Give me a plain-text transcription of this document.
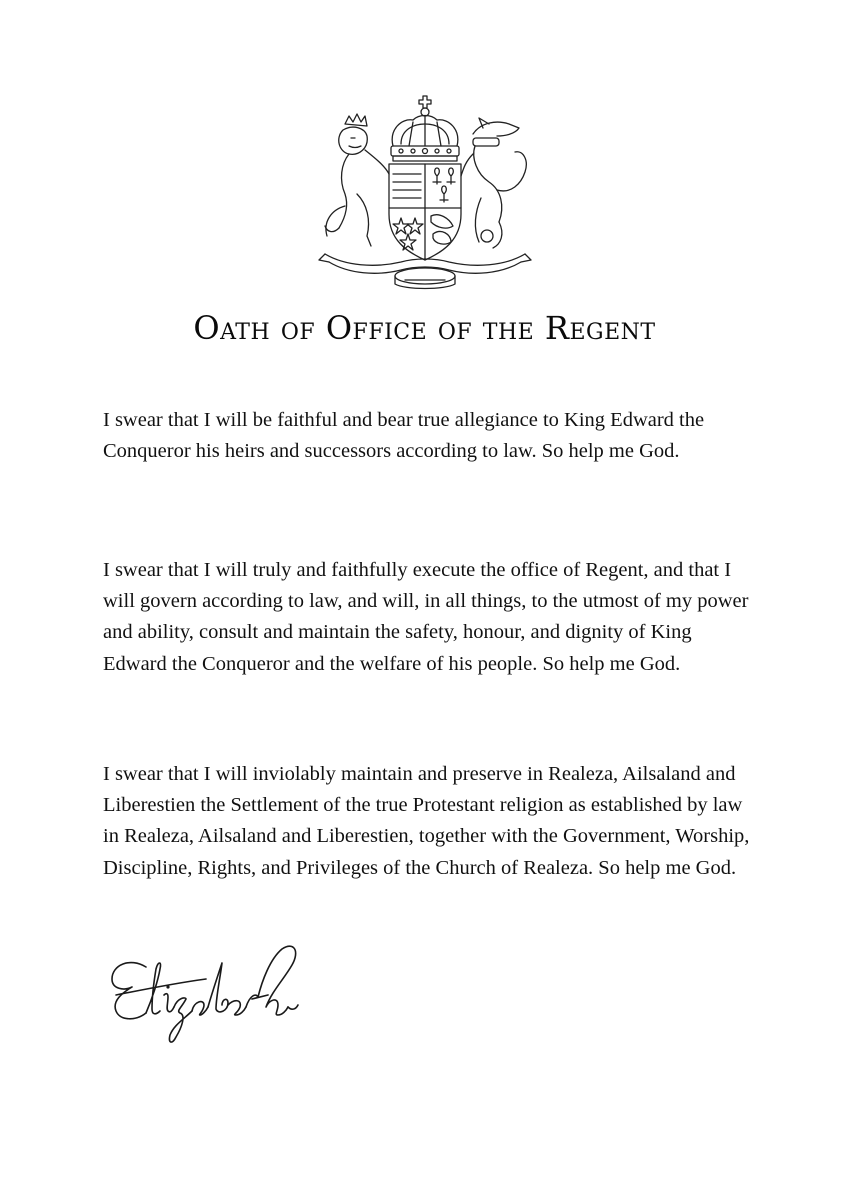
Oath of Office of the Regent

I swear that I will be faithful and bear true allegiance to King Edward the Conqueror his heirs and successors according to law. So help me God.

I swear that I will truly and faithfully execute the office of Regent, and that I will govern according to law, and will, in all things, to the utmost of my power and ability, consult and maintain the safety, honour, and dignity of King Edward the Conqueror and the welfare of his people. So help me God.

I swear that I will inviolably maintain and preserve in Realeza, Ailsaland and Liberestien the Settlement of the true Protestant religion as established by law in Realeza, Ailsaland and Liberestien, together with the Government, Worship, Discipline, Rights, and Privileges of the Church of Realeza. So help me God.
